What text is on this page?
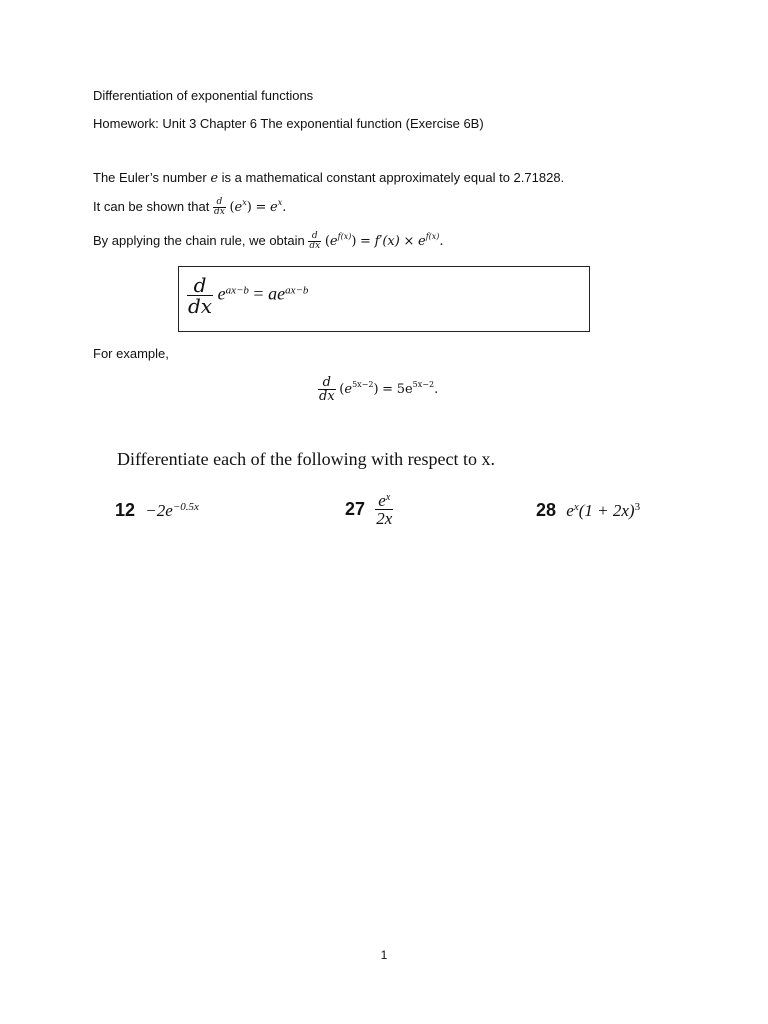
Differentiation of exponential functions
Homework: Unit 3 Chapter 6 The exponential function (Exercise 6B)
The Euler’s number e is a mathematical constant approximately equal to 2.71828.
It can be shown that $\frac{d}{dx} (e^x) = e^x$.
By applying the chain rule, we obtain $\frac{d}{dx} (e^{f(x)}) = f'(x) \times e^{f(x)}$.
$\frac{d}{dx} e^{ax-b} = ae^{ax-b}$
For example,
$\frac{d}{dx} (e^{5x-2}) = 5e^{5x-2}$.
Differentiate each of the following with respect to x.
$12 -2e^{-0.5x}$	$27 \frac{e^x}{2x}$	28 $e^x(1 + 2x)^3$
1
